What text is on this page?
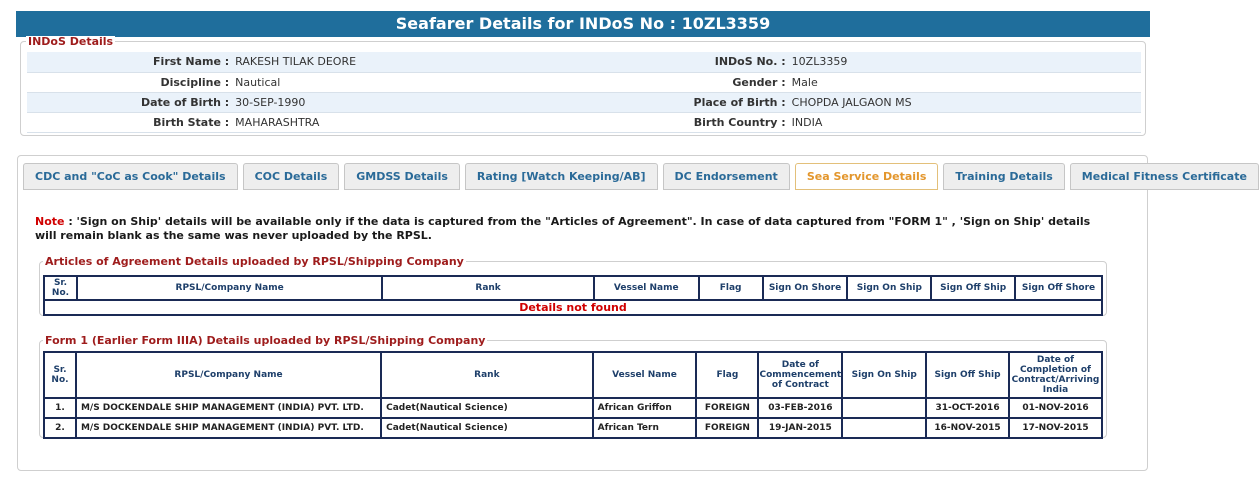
Seafarer Details for INDoS No : 10ZL3359
INDoS Details
First Name :	RAKESH TILAK DEORE	INDoS No. :	10ZL3359
Discipline :	Nautical	Gender :	Male
Date of Birth :	30-SEP-1990	Place of Birth :	CHOPDA JALGAON MS
Birth State :	MAHARASHTRA	Birth Country :	INDIA
CDC and "CoC as Cook" Details	COC Details	GMDSS Details	Rating [Watch Keeping/AB]	DC Endorsement	Sea Service Details	Training Details	Medical Fitness Certificate
Note : 'Sign on Ship' details will be available only if the data is captured from the "Articles of Agreement". In case of data captured from "FORM 1" , 'Sign on Ship' details will remain blank as the same was never uploaded by the RPSL.
Articles of Agreement Details uploaded by RPSL/Shipping Company
Sr. No.	RPSL/Company Name	Rank	Vessel Name	Flag	Sign On Shore	Sign On Ship	Sign Off Ship	Sign Off Shore
Details not found
Form 1 (Earlier Form IIIA) Details uploaded by RPSL/Shipping Company
Sr. No.	RPSL/Company Name	Rank	Vessel Name	Flag	Date of Commencement of Contract	Sign On Ship	Sign Off Ship	Date of Completion of Contract/Arriving India
1.	M/S DOCKENDALE SHIP MANAGEMENT (INDIA) PVT. LTD.	Cadet(Nautical Science)	African Griffon	FOREIGN	03-FEB-2016		31-OCT-2016	01-NOV-2016
2.	M/S DOCKENDALE SHIP MANAGEMENT (INDIA) PVT. LTD.	Cadet(Nautical Science)	African Tern	FOREIGN	19-JAN-2015		16-NOV-2015	17-NOV-2015
